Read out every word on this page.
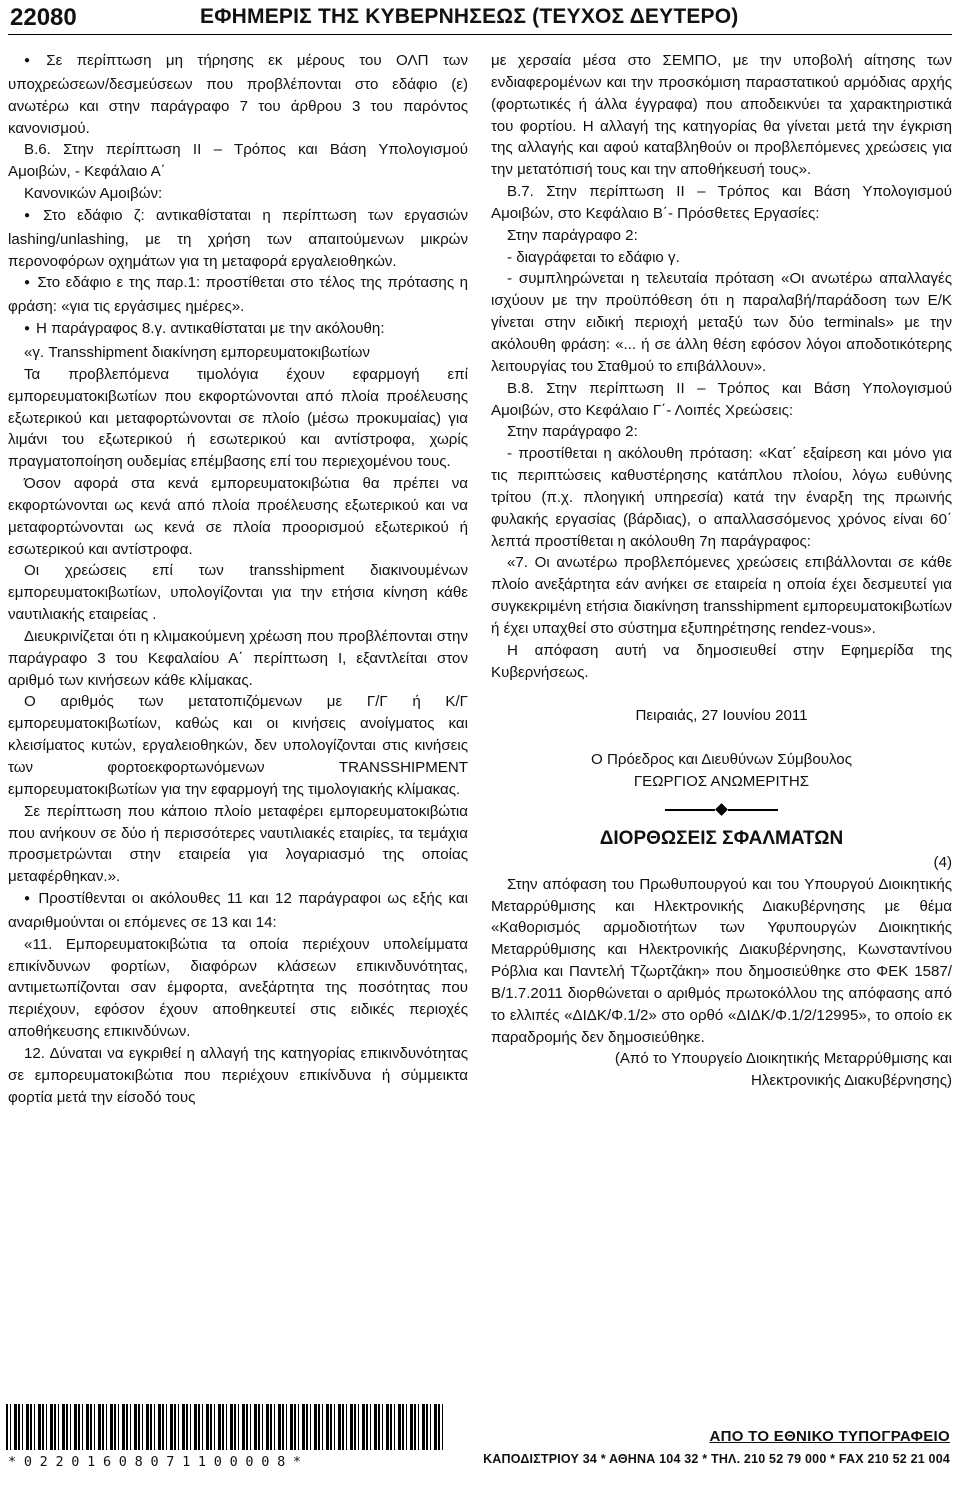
22080	ΕΦΗΜΕΡΙΣ ΤΗΣ ΚΥΒΕΡΝΗΣΕΩΣ (ΤΕΥΧΟΣ ΔΕΥΤΕΡΟ)

● Σε περίπτωση μη τήρησης εκ μέρους του ΟΛΠ των υποχρεώσεων/δεσμεύσεων που προβλέπονται στο εδάφιο (ε) ανωτέρω και στην παράγραφο 7 του άρθρου 3 του παρόντος κανονισμού.

Β.6. Στην περίπτωση ΙΙ – Τρόπος και Βάση Υπολογισμού Αμοιβών, - Κεφάλαιο Α΄

Κανονικών Αμοιβών:

● Στο εδάφιο ζ: αντικαθίσταται η περίπτωση των εργασιών lashing/unlashing, με τη χρήση των απαιτούμενων μικρών περονοφόρων οχημάτων για τη μεταφορά εργαλειοθηκών.

● Στο εδάφιο ε της παρ.1: προστίθεται στο τέλος της πρότασης η φράση: «για τις εργάσιμες ημέρες».

● Η παράγραφος 8.γ. αντικαθίσταται με την ακόλουθη:

«γ. Transshipment διακίνηση εμπορευματοκιβωτίων

Τα προβλεπόμενα τιμολόγια έχουν εφαρμογή επί εμπορευματοκιβωτίων που εκφορτώνονται από πλοία προέλευσης εξωτερικού και μεταφορτώνονται σε πλοίο (μέσω προκυμαίας) για λιμάνι του εξωτερικού ή εσωτερικού και αντίστροφα, χωρίς πραγματοποίηση ουδεμίας επέμβασης επί του περιεχομένου τους.

Όσον αφορά στα κενά εμπορευματοκιβώτια θα πρέπει να εκφορτώνονται ως κενά από πλοία προέλευσης εξωτερικού και να μεταφορτώνονται ως κενά σε πλοία προορισμού εξωτερικού ή εσωτερικού και αντίστροφα.

Οι χρεώσεις επί των transshipment διακινουμένων εμπορευματοκιβωτίων, υπολογίζονται για την ετήσια κίνηση κάθε ναυτιλιακής εταιρείας .

Διευκρινίζεται ότι η κλιμακούμενη χρέωση που προβλέπονται στην παράγραφο 3 του Κεφαλαίου Α΄ περίπτωση Ι, εξαντλείται στον αριθμό των κινήσεων κάθε κλίμακας.

Ο αριθμός των μετατοπιζόμενων με Γ/Γ ή Κ/Γ εμπορευματοκιβωτίων, καθώς και οι κινήσεις ανοίγματος και κλεισίματος κυτών, εργαλειοθηκών, δεν υπολογίζονται στις κινήσεις των φορτοεκφορτωνόμενων TRANSSHIPMENT εμπορευματοκιβωτίων για την εφαρμογή της τιμολογιακής κλίμακας.

Σε περίπτωση που κάποιο πλοίο μεταφέρει εμπορευματοκιβώτια που ανήκουν σε δύο ή περισσότερες ναυτιλιακές εταιρίες, τα τεμάχια προσμετρώνται στην εταιρεία για λογαριασμό της οποίας μεταφέρθηκαν.».

● Προστίθενται οι ακόλουθες 11 και 12 παράγραφοι ως εξής και αναριθμούνται οι επόμενες σε 13 και 14:

«11. Εμπορευματοκιβώτια τα οποία περιέχουν υπολείμματα επικίνδυνων φορτίων, διαφόρων κλάσεων επικινδυνότητας, αντιμετωπίζονται σαν έμφορτα, ανεξάρτητα της ποσότητας που περιέχουν, εφόσον έχουν αποθηκευτεί στις ειδικές περιοχές αποθήκευσης επικινδύνων.

12. Δύναται να εγκριθεί η αλλαγή της κατηγορίας επικινδυνότητας σε εμπορευματοκιβώτια που περιέχουν επικίνδυνα ή σύμμεικτα φορτία μετά την είσοδό τους

με χερσαία μέσα στο ΣΕΜΠΟ, με την υποβολή αίτησης των ενδιαφερομένων και την προσκόμιση παραστατικού αρμόδιας αρχής (φορτωτικές ή άλλα έγγραφα) που αποδεικνύει τα χαρακτηριστικά του φορτίου. Η αλλαγή της κατηγορίας θα γίνεται μετά την έγκριση της αλλαγής και αφού καταβληθούν οι προβλεπόμενες χρεώσεις για την μετατόπισή τους και την αποθήκευσή τους».

Β.7. Στην περίπτωση ΙΙ – Τρόπος και Βάση Υπολογισμού Αμοιβών, στο Κεφάλαιο Β΄- Πρόσθετες Εργασίες:

Στην παράγραφο 2:

- διαγράφεται το εδάφιο γ.

- συμπληρώνεται η τελευταία πρόταση «Οι ανωτέρω απαλλαγές ισχύουν με την προϋπόθεση ότι η παραλαβή/παράδοση των Ε/Κ γίνεται στην ειδική περιοχή μεταξύ των δύο terminals» με την ακόλουθη φράση: «... ή σε άλλη θέση εφόσον λόγοι αποδοτικότερης λειτουργίας του Σταθμού το επιβάλλουν».

Β.8. Στην περίπτωση ΙΙ – Τρόπος και Βάση Υπολογισμού Αμοιβών, στο Κεφάλαιο Γ΄- Λοιπές Χρεώσεις:

Στην παράγραφο 2:

- προστίθεται η ακόλουθη πρόταση: «Κατ΄ εξαίρεση και μόνο για τις περιπτώσεις καθυστέρησης κατάπλου πλοίου, λόγω ευθύνης τρίτου (π.χ. πλοηγική υπηρεσία) κατά την έναρξη της πρωινής φυλακής εργασίας (βάρδιας), ο απαλλασσόμενος χρόνος είναι 60΄ λεπτά προστίθεται η ακόλουθη 7η παράγραφος:

«7. Οι ανωτέρω προβλεπόμενες χρεώσεις επιβάλλονται σε κάθε πλοίο ανεξάρτητα εάν ανήκει σε εταιρεία η οποία έχει δεσμευτεί για συγκεκριμένη ετήσια διακίνηση transshipment εμπορευματοκιβωτίων ή έχει υπαχθεί στο σύστημα εξυπηρέτησης rendez-vous».

Η απόφαση αυτή να δημοσιευθεί στην Εφημερίδα της Κυβερνήσεως.

Πειραιάς, 27 Ιουνίου 2011

Ο Πρόεδρος και Διευθύνων Σύμβουλος

ΓΕΩΡΓΙΟΣ ΑΝΩΜΕΡΙΤΗΣ

ΔΙΟΡΘΩΣΕΙΣ ΣΦΑΛΜΑΤΩΝ

(4)

Στην απόφαση του Πρωθυπουργού και του Υπουργού Διοικητικής Μεταρρύθμισης και Ηλεκτρονικής Διακυβέρνησης με θέμα «Καθορισμός αρμοδιοτήτων των Υφυπουργών Διοικητικής Μεταρρύθμισης και Ηλεκτρονικής Διακυβέρνησης, Κωνσταντίνου Ρόβλια και Παντελή Τζωρτζάκη» που δημοσιεύθηκε στο ΦΕΚ 1587/Β/1.7.2011 διορθώνεται ο αριθμός πρωτοκόλλου της απόφασης από το ελλιπές «ΔΙΔΚ/Φ.1/2» στο ορθό «ΔΙΔΚ/Φ.1/2/12995», το οποίο εκ παραδρομής δεν δημοσιεύθηκε.

(Από το Υπουργείο Διοικητικής Μεταρρύθμισης και Ηλεκτρονικής Διακυβέρνησης)

*02201608071100008*
ΑΠΟ ΤΟ ΕΘΝΙΚΟ ΤΥΠΟΓΡΑΦΕΙΟ
ΚΑΠΟΔΙΣΤΡΙΟΥ 34 * ΑΘΗΝΑ 104 32 * ΤΗΛ. 210 52 79 000 * FAX 210 52 21 004
